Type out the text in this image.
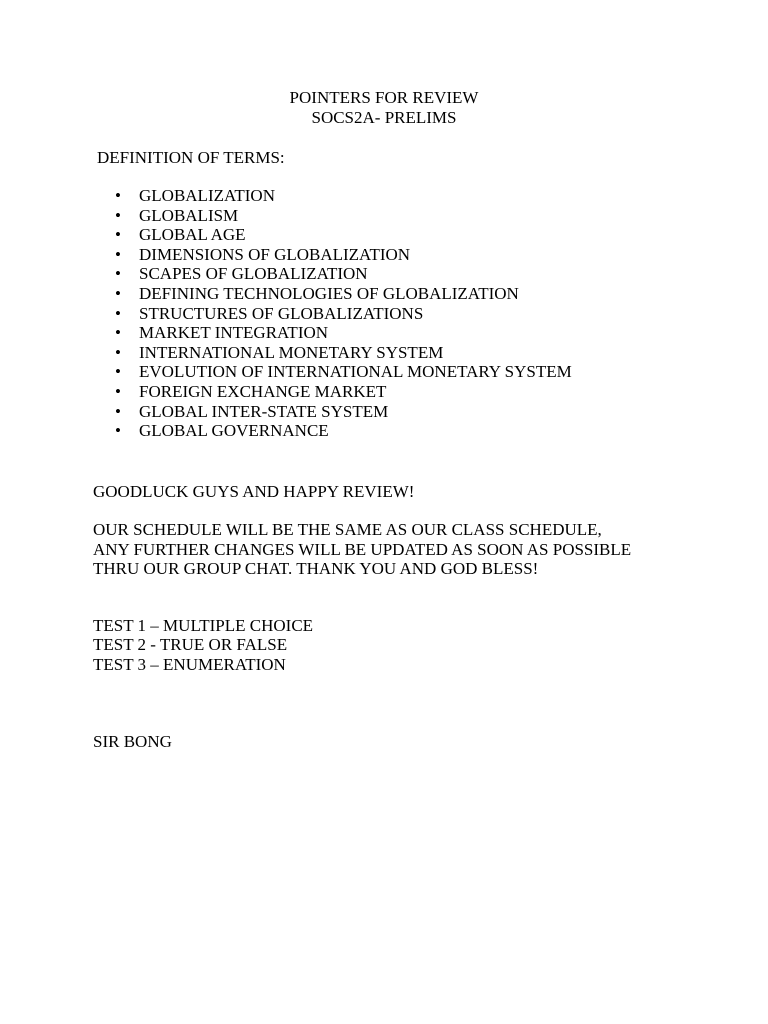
POINTERS FOR REVIEW
SOCS2A- PRELIMS
DEFINITION OF TERMS:
• GLOBALIZATION
• GLOBALISM
• GLOBAL AGE
• DIMENSIONS OF GLOBALIZATION
• SCAPES OF GLOBALIZATION
• DEFINING TECHNOLOGIES OF GLOBALIZATION
• STRUCTURES OF GLOBALIZATIONS
• MARKET INTEGRATION
• INTERNATIONAL MONETARY SYSTEM
• EVOLUTION OF INTERNATIONAL MONETARY SYSTEM
• FOREIGN EXCHANGE MARKET
• GLOBAL INTER-STATE SYSTEM
• GLOBAL GOVERNANCE
GOODLUCK GUYS AND HAPPY REVIEW!
OUR SCHEDULE WILL BE THE SAME AS OUR CLASS SCHEDULE,
ANY FURTHER CHANGES WILL BE UPDATED AS SOON AS POSSIBLE
THRU OUR GROUP CHAT. THANK YOU AND GOD BLESS!
TEST 1 – MULTIPLE CHOICE
TEST 2 - TRUE OR FALSE
TEST 3 – ENUMERATION
SIR BONG
